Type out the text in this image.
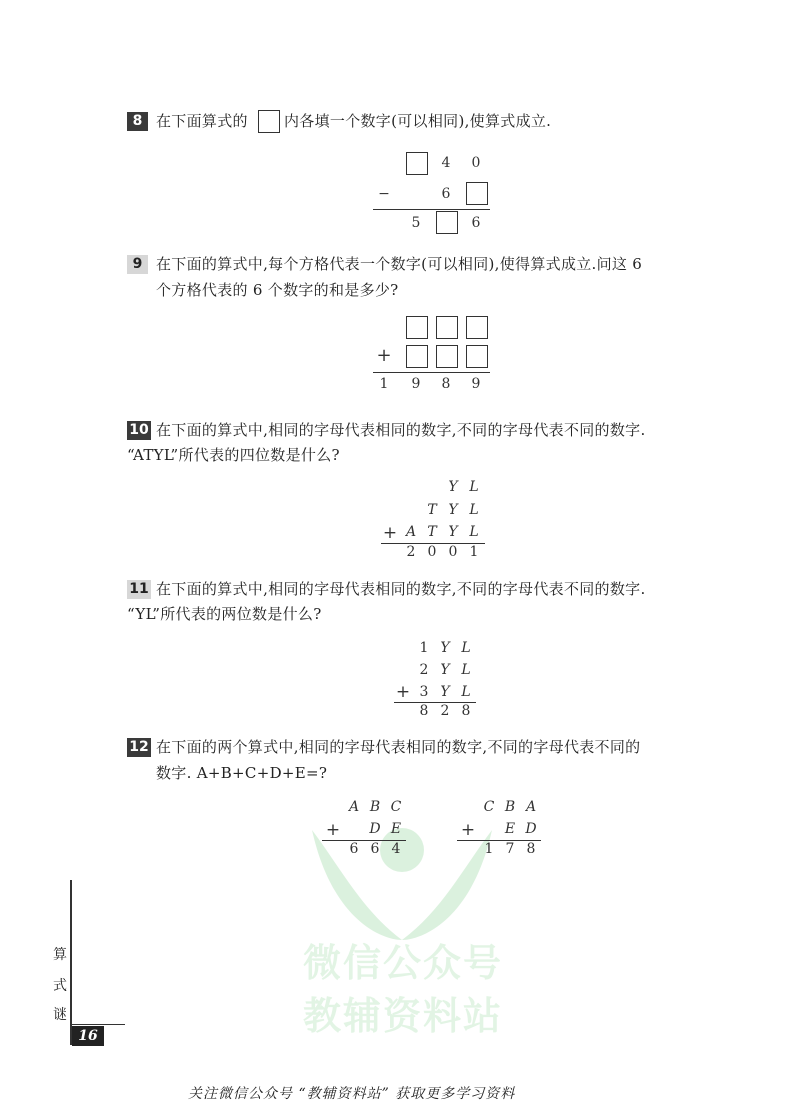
微信公众号
教辅资料站
8 在下面算式的 内各填一个数字(可以相同),使算式成立.
4	0
−	6
5	6
9 在下面的算式中,每个方格代表一个数字(可以相同),使得算式成立.问这 6
个方格代表的 6 个数字的和是多少?
+
1	9	8	9
10 在下面的算式中,相同的字母代表相同的数字,不同的字母代表不同的数字.
“ATYL”所代表的四位数是什么?
Y L
T Y L
+ A T Y L
2 0 0 1
11 在下面的算式中,相同的字母代表相同的数字,不同的字母代表不同的数字.
“YL”所代表的两位数是什么?
1 Y L
2 Y L
+ 3 Y L
8 2 8
12 在下面的两个算式中,相同的字母代表相同的数字,不同的字母代表不同的
数字. A+B+C+D+E=?
A B C
+	D E
6 6 4
C B A
+	E D
1 7 8
算
式
谜
16
关注微信公众号 “教辅资料站” 获取更多学习资料
